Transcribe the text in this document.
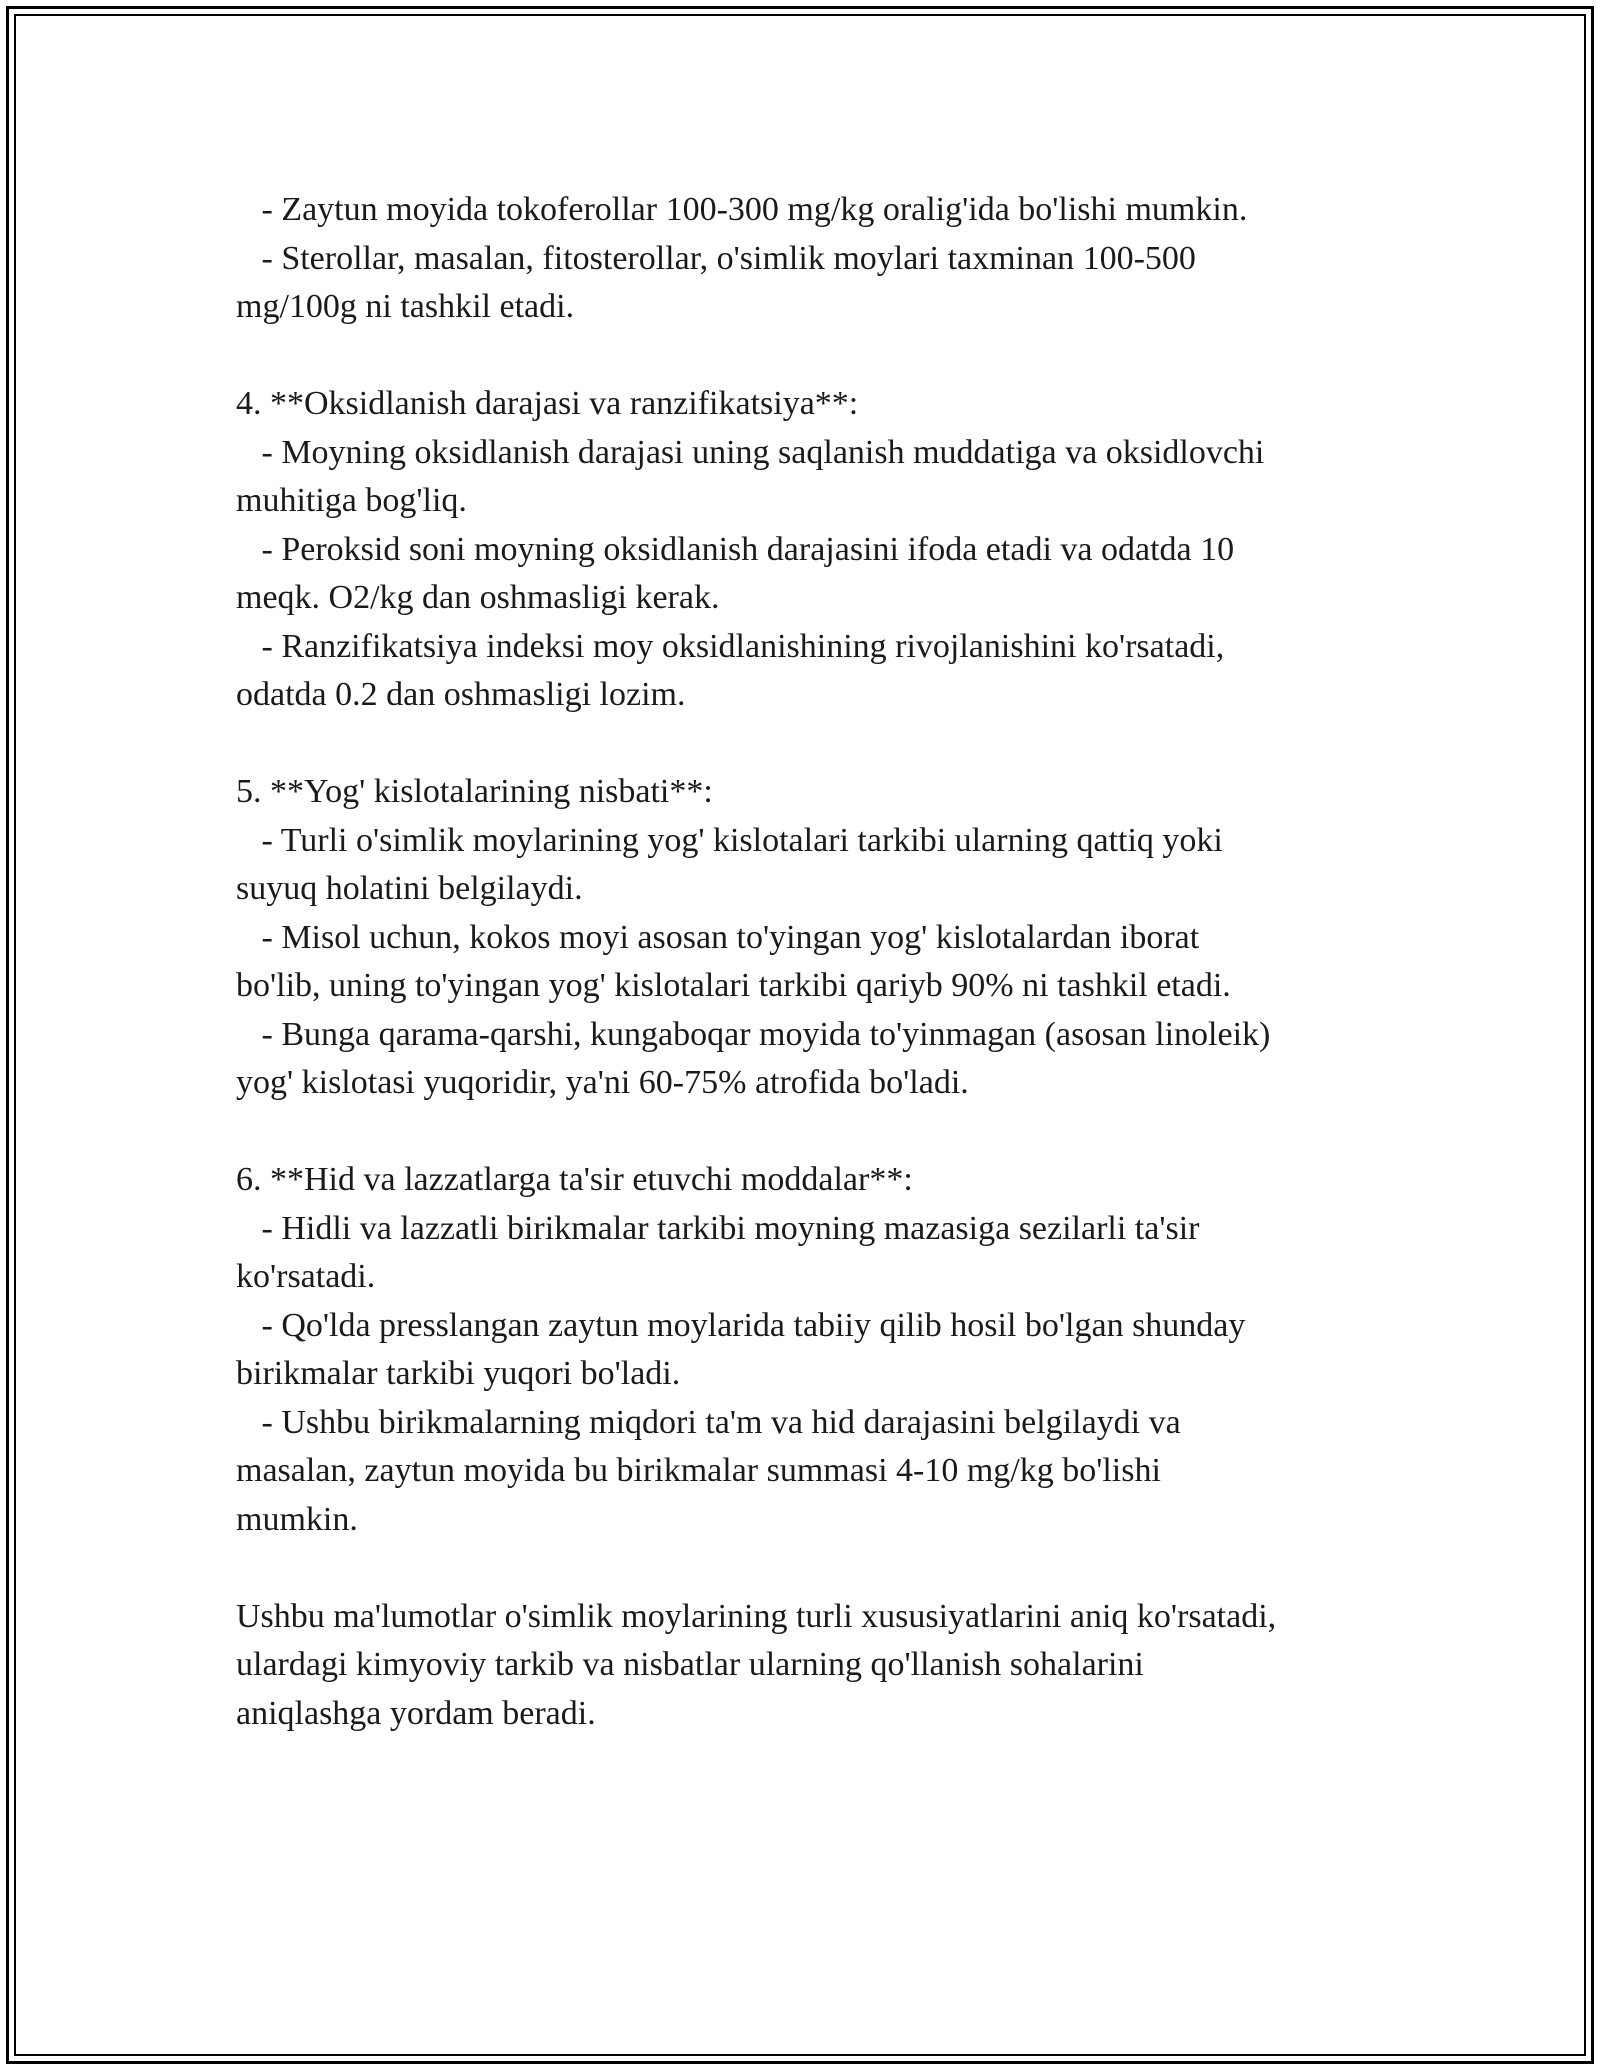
- Zaytun moyida tokoferollar 100-300 mg/kg oralig'ida bo'lishi mumkin.
- Sterollar, masalan, fitosterollar, o'simlik moylari taxminan 100-500
mg/100g ni tashkil etadi.
4. **Oksidlanish darajasi va ranzifikatsiya**:
- Moyning oksidlanish darajasi uning saqlanish muddatiga va oksidlovchi
muhitiga bog'liq.
- Peroksid soni moyning oksidlanish darajasini ifoda etadi va odatda 10
meqk. O2/kg dan oshmasligi kerak.
- Ranzifikatsiya indeksi moy oksidlanishining rivojlanishini ko'rsatadi,
odatda 0.2 dan oshmasligi lozim.
5. **Yog' kislotalarining nisbati**:
- Turli o'simlik moylarining yog' kislotalari tarkibi ularning qattiq yoki
suyuq holatini belgilaydi.
- Misol uchun, kokos moyi asosan to'yingan yog' kislotalardan iborat
bo'lib, uning to'yingan yog' kislotalari tarkibi qariyb 90% ni tashkil etadi.
- Bunga qarama-qarshi, kungaboqar moyida to'yinmagan (asosan linoleik)
yog' kislotasi yuqoridir, ya'ni 60-75% atrofida bo'ladi.
6. **Hid va lazzatlarga ta'sir etuvchi moddalar**:
- Hidli va lazzatli birikmalar tarkibi moyning mazasiga sezilarli ta'sir
ko'rsatadi.
- Qo'lda presslangan zaytun moylarida tabiiy qilib hosil bo'lgan shunday
birikmalar tarkibi yuqori bo'ladi.
- Ushbu birikmalarning miqdori ta'm va hid darajasini belgilaydi va
masalan, zaytun moyida bu birikmalar summasi 4-10 mg/kg bo'lishi
mumkin.
Ushbu ma'lumotlar o'simlik moylarining turli xususiyatlarini aniq ko'rsatadi,
ulardagi kimyoviy tarkib va nisbatlar ularning qo'llanish sohalarini
aniqlashga yordam beradi.
